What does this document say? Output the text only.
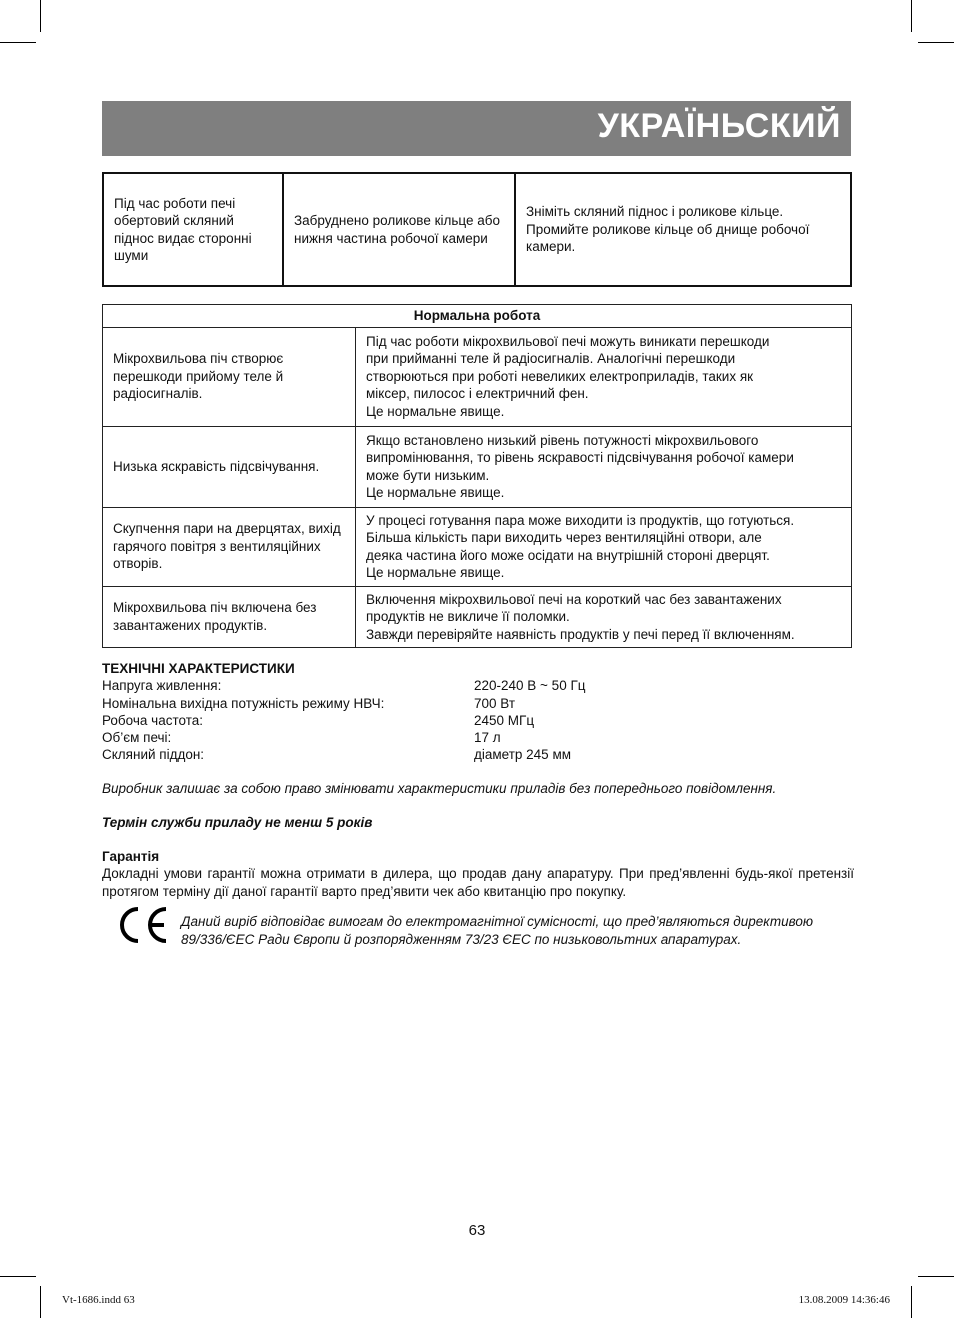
УКРАЇНЬСКИЙ
Під час роботи печі обертовий скляний піднос видає сторонні шуми	Забруднено роликове кільце або нижня частина робочої камери	Зніміть скляний піднос і роликове кільце. Промийте роликове кільце об днище робочої камери.
Нормальна робота	
Мікрохвильова піч створює перешкоди прийому теле й радіосигналів.	Під час роботи мікрохвильової печі можуть виникати перешкоди
при прийманні теле й радіосигналів. Аналогічні перешкоди
створюються при роботі невеликих електроприладів, таких як
міксер, пилосос і електричний фен.
Це нормальне явище.
Низька яскравість підсвічування.	Якщо встановлено низький рівень потужності мікрохвильового
випромінювання, то рівень яскравості підсвічування робочої камери
може бути низьким.
Це нормальне явище.
Скупчення пари на дверцятах, вихід гарячого повітря з вентиляційних отворів.	У процесі готування пара може виходити із продуктів, що готуються.
Більша кількість пари виходить через вентиляційні отвори, але
деяка частина його може осідати на внутрішній стороні дверцят.
Це нормальне явище.
Мікрохвильова піч включена без завантажених продуктів.	Включення мікрохвильової печі на короткий час без завантажених
продуктів не викличе її поломки.
Завжди перевіряйте наявність продуктів у печі перед її включенням.
ТЕХНІЧНІ ХАРАКТЕРИСТИКИ
Напруга живлення:	220-240 В ~ 50 Гц
Номінальна вихідна потужність режиму НВЧ:	700 Вт
Робоча частота:	2450 МГц
Об’єм печі:	17 л
Скляний піддон:	діаметр 245 мм
Виробник залишає за собою право змінювати характеристики приладів без попереднього повідомлення.
Термін служби приладу не менш 5 років
Гарантія
Докладні умови гарантії можна отримати в дилера, що продав дану апаратуру. При пред’явленні будь-якої претензії протягом терміну дії даної гарантії варто пред’явити чек або квитанцію про покупку.
Даний виріб відповідає вимогам до електромагнітної сумісності, що пред’являються директивою 89/336/ЄЕС Ради Європи й розпорядженням 73/23 ЄЕС по низьковольтних апаратурах.
63
Vt-1686.indd 63	13.08.2009 14:36:46
